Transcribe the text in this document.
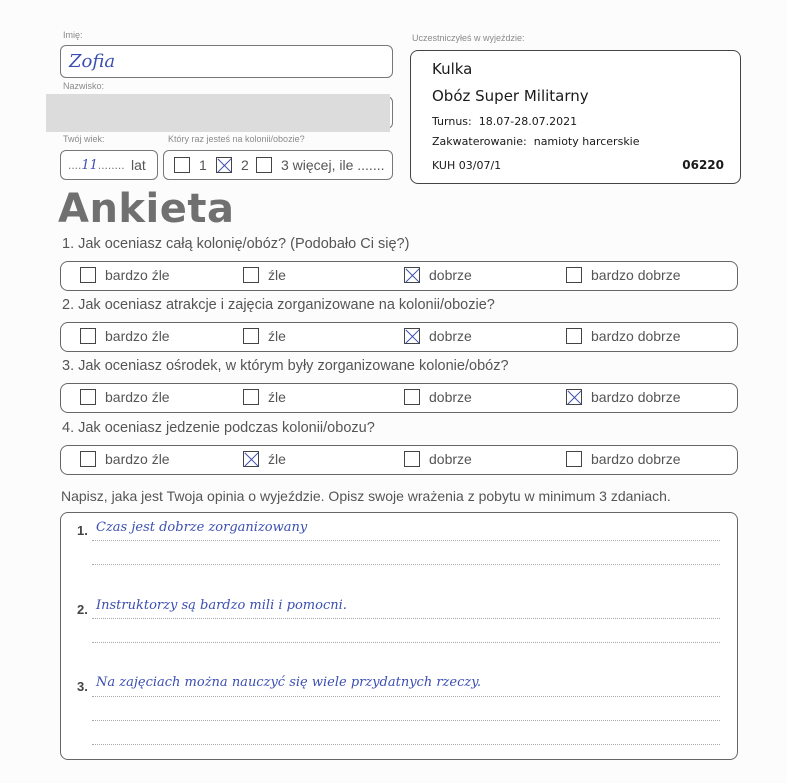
Imię:
Zofia
Nazwisko:
Twój wiek:
....11........ lat
Który raz jesteś na kolonii/obozie?
1 2 3 więcej, ile .......
Uczestniczyłeś w wyjeździe:
Kulka
Obóz Super Militarny
Turnus: 18.07-28.07.2021
Zakwaterowanie: namioty harcerskie
KUH 03/07/1	06220
Ankieta
1. Jak oceniasz całą kolonię/obóz? (Podobało Ci się?)
bardzo źle	źle	dobrze	bardzo dobrze
2. Jak oceniasz atrakcje i zajęcia zorganizowane na kolonii/obozie?
bardzo źle	źle	dobrze	bardzo dobrze
3. Jak oceniasz ośrodek, w którym były zorganizowane kolonie/obóz?
bardzo źle	źle	dobrze	bardzo dobrze
4. Jak oceniasz jedzenie podczas kolonii/obozu?
bardzo źle	źle	dobrze	bardzo dobrze
Napisz, jaka jest Twoja opinia o wyjeździe. Opisz swoje wrażenia z pobytu w minimum 3 zdaniach.
1. Czas jest dobrze zorganizowany
2. Instruktorzy są bardzo mili i pomocni.
3. Na zajęciach można nauczyć się wiele przydatnych rzeczy.
